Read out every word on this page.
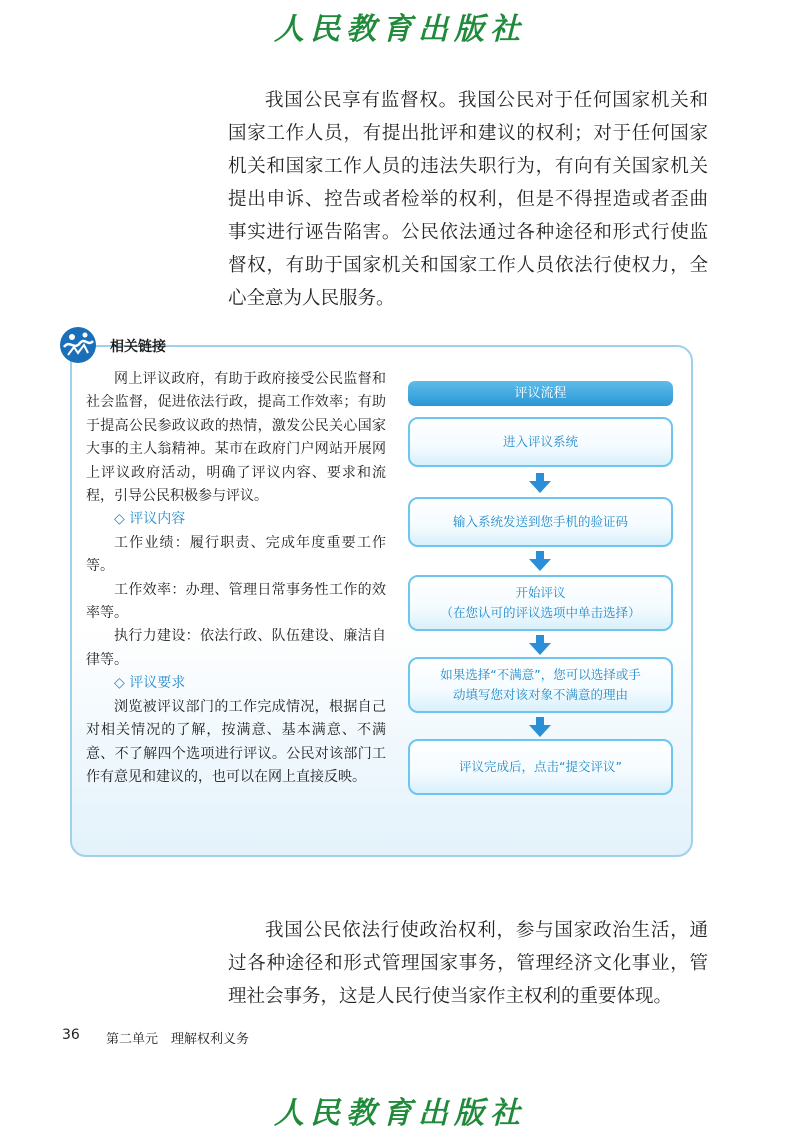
人民教育出版社

我国公民享有监督权。我国公民对于任何国家机关和国家工作人员，有提出批评和建议的权利；对于任何国家机关和国家工作人员的违法失职行为，有向有关国家机关提出申诉、控告或者检举的权利，但是不得捏造或者歪曲事实进行诬告陷害。公民依法通过各种途径和形式行使监督权，有助于国家机关和国家工作人员依法行使权力，全心全意为人民服务。

相关链接

网上评议政府，有助于政府接受公民监督和社会监督，促进依法行政，提高工作效率；有助于提高公民参政议政的热情，激发公民关心国家大事的主人翁精神。某市在政府门户网站开展网上评议政府活动，明确了评议内容、要求和流程，引导公民积极参与评议。

◇ 评议内容

工作业绩：履行职责、完成年度重要工作等。

工作效率：办理、管理日常事务性工作的效率等。

执行力建设：依法行政、队伍建设、廉洁自律等。

◇ 评议要求

浏览被评议部门的工作完成情况，根据自己对相关情况的了解，按满意、基本满意、不满意、不了解四个选项进行评议。公民对该部门工作有意见和建议的，也可以在网上直接反映。

评议流程
进入评议系统
输入系统发送到您手机的验证码
开始评议
（在您认可的评议选项中单击选择）
如果选择“不满意”，您可以选择或手
动填写您对该对象不满意的理由
评议完成后，点击“提交评议”

我国公民依法行使政治权利，参与国家政治生活，通过各种途径和形式管理国家事务，管理经济文化事业，管理社会事务，这是人民行使当家作主权利的重要体现。

36 第二单元　理解权利义务
人民教育出版社
